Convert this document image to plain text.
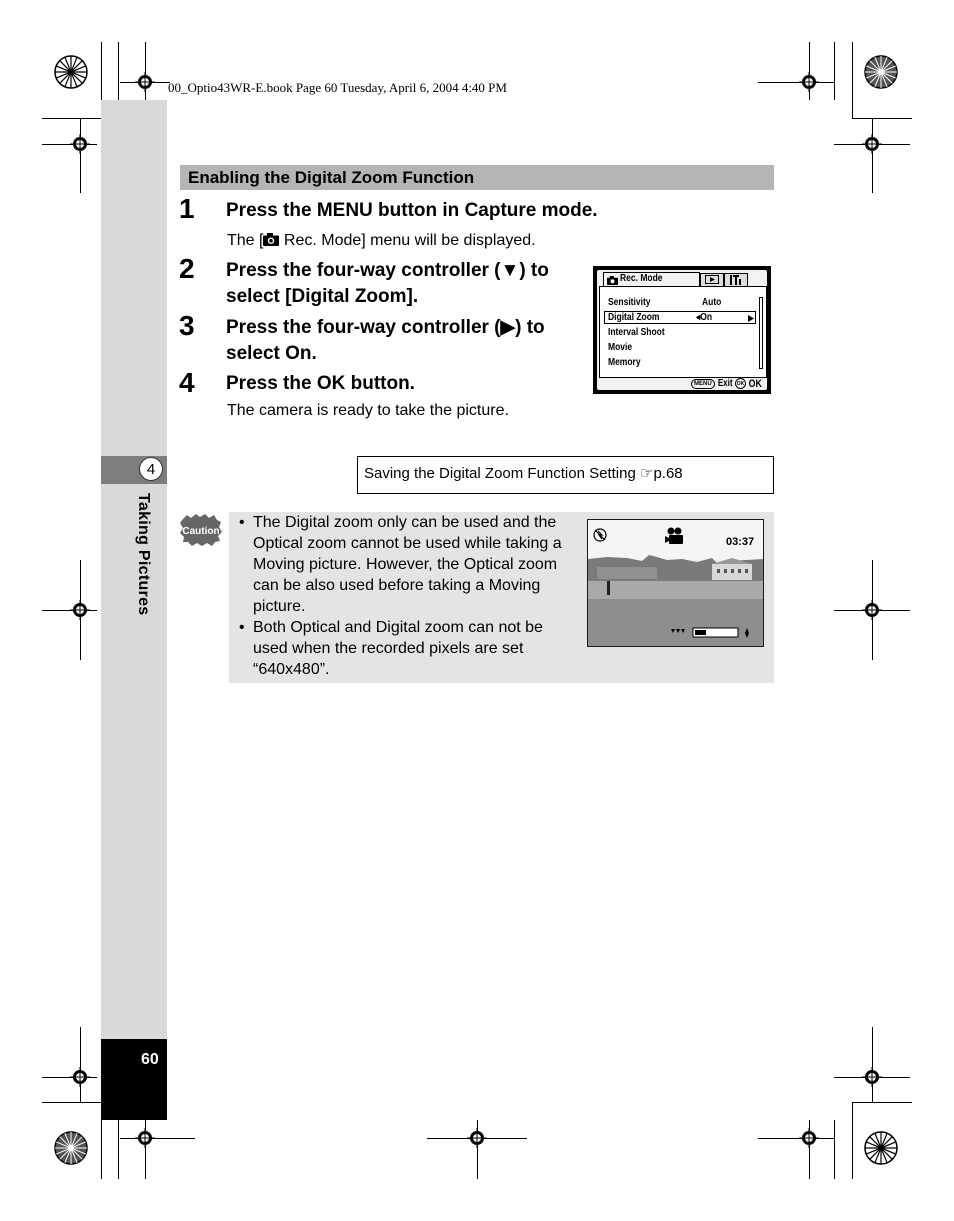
00_Optio43WR-E.book Page 60 Tuesday, April 6, 2004 4:40 PM
4
Taking Pictures
60
Enabling the Digital Zoom Function
1 Press the MENU button in Capture mode.
The [ Rec. Mode] menu will be displayed.
2 Press the four-way controller (▼) to
select [Digital Zoom].
3 Press the four-way controller (▶) to
select On.
4 Press the OK button.
The camera is ready to take the picture.
Rec. Mode
Sensitivity	Auto
Digital Zoom	◂On
Interval Shoot
Movie
Memory
MENU Exit OK OK
Saving the Digital Zoom Function Setting ☞p.68
Caution
• The Digital zoom only can be used and the
Optical zoom cannot be used while taking a
Moving picture. However, the Optical zoom
can be also used before taking a Moving
picture.
• Both Optical and Digital zoom can not be
used when the recorded pixels are set
“640x480”.
03:37
